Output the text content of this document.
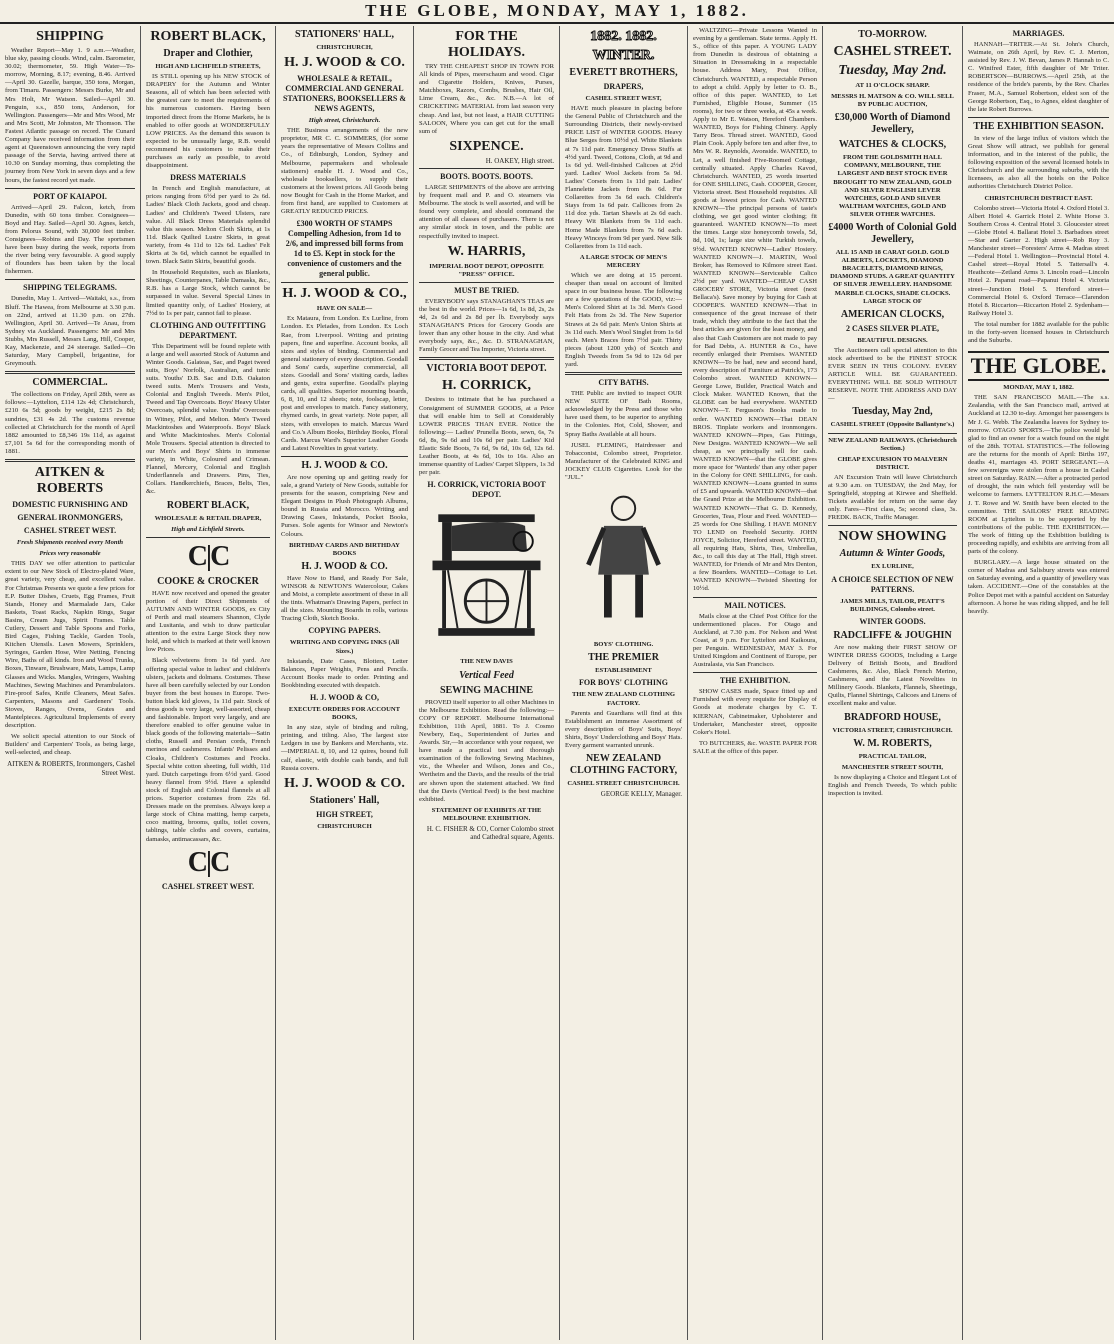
THE GLOBE, MONDAY, MAY 1, 1882.
SHIPPING
Weather Report—May 1. 9 a.m.—Weather, blue sky, passing clouds. Wind, calm. Barometer, 30.02; thermometer, 59. High Water—To-morrow, Morning, 8.17; evening, 8.46. Arrived—April 30. Gazelle, barque, 350 tons, Morgan, from Timaru. Passengers: Messrs Burke, Mr and Mrs Holt, Mr Watson. Sailed—April 30. Penguin, s.s., 850 tons, Anderson, for Wellington. Passengers—Mr and Mrs Wood, Mr and Mrs Scott, Mr Johnston, Mr Thomson. The Fastest Atlantic passage on record. The Cunard Company have received information from their agent at Queenstown announcing the very rapid passage of the Servia, having arrived there at 10.30 on Sunday morning, thus completing the journey from New York in seven days and a few hours, the fastest record yet made.
PORT OF KAIAPOI.
Arrived—April 29. Falcon, ketch, from Dunedin, with 60 tons timber. Consignees—Boyd and Hay. Sailed—April 30. Agnes, ketch, from Pelorus Sound, with 30,000 feet timber. Consignees—Robins and Day. The sportsmen have been busy during the week, reports from the river being very favourable. A good supply of flounders has been taken by the local fishermen.
SHIPPING TELEGRAMS.
Dunedin, May 1. Arrived—Waitaki, s.s., from Bluff. The Hawea, from Melbourne at 3.30 p.m. on 22nd, arrived at 11.30 p.m. on 27th. Wellington, April 30. Arrived—Te Anau, from Sydney via Auckland. Passengers: Mr and Mrs Stubbs, Mrs Russell, Messrs Lang, Hill, Cooper, Kay, Mackenzie, and 24 steerage. Sailed—On Saturday, Mary Campbell, brigantine, for Greymouth.
COMMERCIAL.
The collections on Friday, April 28th, were as follows:—Lyttelton, £114 12s 4d; Christchurch, £210 6s 5d; goods by weight, £215 2s 8d; sundries, £31 4s 2d. The customs revenue collected at Christchurch for the month of April 1882 amounted to £8,346 19s 11d, as against £7,101 5s 6d for the corresponding month of 1881.
AITKEN & ROBERTS
DOMESTIC FURNISHING AND
GENERAL IRONMONGERS,
CASHEL STREET WEST.
Fresh Shipments received every Month
Prices very reasonable
THIS DAY we offer attention to particular extent to our New Stock of Electro-plated Ware, great variety, very cheap, and excellent value. For Christmas Presents we quote a few prices for E.P. Butter Dishes, Cruets, Egg Frames, Fruit Stands, Honey and Marmalade Jars, Cake Baskets, Toast Racks, Napkin Rings, Sugar Basins, Cream Jugs, Spirit Frames. Table Cutlery, Dessert and Table Spoons and Forks, Bird Cages, Fishing Tackle, Garden Tools, Kitchen Utensils. Lawn Mowers, Sprinklers, Syringes, Garden Hose, Wire Netting, Fencing Wire, Baths of all kinds. Iron and Wood Trunks, Boxes, Tinware, Brushware, Mats, Lamps, Lamp Glasses and Wicks. Mangles, Wringers, Washing Machines, Sewing Machines and Perambulators. Fire-proof Safes, Knife Cleaners, Meat Safes. Carpenters, Masons and Gardeners' Tools. Stoves, Ranges, Ovens, Grates and Mantelpieces. Agricultural Implements of every description.
We solicit special attention to our Stock of Builders' and Carpenters' Tools, as being large, well-selected, and cheap.
AITKEN & ROBERTS, Ironmongers, Cashel Street West.
ROBERT BLACK,
Draper and Clothier,
HIGH AND LICHFIELD STREETS,
IS STILL opening up his NEW STOCK of DRAPERY for the Autumn and Winter Seasons, all of which has been selected with the greatest care to meet the requirements of his numerous customers. Having been imported direct from the Home Markets, he is enabled to offer goods at WONDERFULLY LOW PRICES. As the demand this season is expected to be unusually large, R.B. would recommend his customers to make their purchases as early as possible, to avoid disappointment.
DRESS MATERIALS
In French and English manufacture, at prices ranging from 6½d per yard to 2s 6d. Ladies' Black Cloth Jackets, good and cheap. Ladies' and Children's Tweed Ulsters, rare value. All Black Dress Materials splendid value this season. Melton Cloth Skirts, at 1s 11d. Black Quilted Lustre Skirts, in great variety, from 4s 11d to 12s 6d. Ladies' Felt Skirts at 3s 6d, which cannot be equalled in town. Black Satin Skirts, beautiful goods.
In Household Requisites, such as Blankets, Sheetings, Counterpanes, Table Damasks, &c., R.B. has a Large Stock, which cannot be surpassed in value. Several Special Lines in limited quantity only, of Ladies' Hosiery, at 7½d to 1s per pair, cannot fail to please.
CLOTHING AND OUTFITTING DEPARTMENT.
This Department will be found replete with a large and well assorted Stock of Autumn and Winter Goods. Galateas, Sac, and Paget tweed suits, Boys' Norfolk, Australian, and tunic suits. Youths' D.B. Sac and D.B. Oakaton tweed suits. Men's Trousers and Vests, Colonial and English Tweeds. Men's Pilot, Tweed and Tap Overcoats. Boys' Heavy Ulster Overcoats, splendid value. Youths' Overcoats in Witney, Pilot, and Melton. Men's Tweed Mackintoshes and Waterproofs. Boys' Black and White Mackintoshes. Men's Colonial Mole Trousers. Special attention is directed to our Men's and Boys' Shirts in immense variety, in White, Coloured and Crimean. Flannel, Mercery, Colonial and English Underflannels and Drawers. Pins, Ties, Collars. Handkerchiefs, Braces, Belts, Ties, &c.
ROBERT BLACK,
WHOLESALE & RETAIL DRAPER,
High and Lichfield Streets.
C|C
COOKE & CROCKER
HAVE now received and opened the greater portion of their Direct Shipments of AUTUMN AND WINTER GOODS, ex City of Perth and mail steamers Shannon, Clyde and Lusitania, and wish to draw particular attention to the extra Large Stock they now hold, and which is marked at their well known low Prices.
Black velveteens from 1s 6d yard. Are offering special value in ladies' and children's ulsters, jackets and dolmans. Costumes. These have all been carefully selected by our London buyer from the best houses in Europe. Two-button black kid gloves, 1s 11d pair. Stock of dress goods is very large, well-assorted, cheap and fashionable. Import very largely, and are therefore enabled to offer genuine value in black goods of the following materials—Satin cloths, Russell and Persian cords, French merinos and cashmeres. Infants' Pelisses and Cloaks, Children's Costumes and Frocks. Special white cotton sheeting, full width, 11d yard. Dutch carpetings from 6½d yard. Good heavy flannel from 9½d. Have a splendid stock of English and Colonial flannels at all prices. Superior costumes from 22s 6d. Dresses made on the premises. Always keep a large stock of China matting, hemp carpets, coco matting, brooms, quilts, toilet covers, tablings, table cloths and covers, curtains, damasks, antimacassars, &c.
C|C
CASHEL STREET WEST.
STATIONERS' HALL,
CHRISTCHURCH,
H. J. WOOD & CO.
WHOLESALE & RETAIL, COMMERCIAL AND GENERAL STATIONERS, BOOKSELLERS & NEWS AGENTS,
High street, Christchurch.
THE Business arrangements of the new proprietor, MR C. C. SOMMERS, (for some years the representative of Messrs Collins and Co., of Edinburgh, London, Sydney and Melbourne, papermakers and wholesale stationers) enable H. J. Wood and Co., wholesale booksellers, to supply their customers at the lowest prices. All Goods being now Bought for Cash in the Home Market, and from first hand, are supplied to Customers at GREATLY REDUCED PRICES.
£300 WORTH OF STAMPS Compelling Adhesion, from 1d to 2/6, and impressed bill forms from 1d to £5. Kept in stock for the convenience of customers and the general public.
H. J. WOOD & CO.,
HAVE ON SALE—
Ex Mataura, from London. Ex Lurline, from London. Ex Pleiades, from London. Ex Loch Rae, from Liverpool. Writing and printing papers, fine and superfine. Account books, all sizes and styles of binding. Commercial and general stationery of every description. Goodall and Sons' cards, superfine commercial, all sizes. Goodall and Sons' visiting cards, ladies and gents, extra superfine. Goodall's playing cards, all qualities. Superior mourning boards, 6, 8, 10, and 12 sheets; note, foolscap, letter, post and envelopes to match. Fancy stationery, rhymed cards, in great variety. Note paper, all sizes, with envelopes to match. Marcus Ward and Co.'s Album Books, Birthday Books, Floral Cards. Marcus Ward's Superior Leather Goods and Latest Novelties in great variety.
H. J. WOOD & CO.
Are now opening up and getting ready for sale, a grand Variety of New Goods, suitable for presents for the season, comprising New and Elegant Designs in Plush Photograph Albums, bound in Russia and Morocco. Writing and Drawing Cases, Inkstands, Pocket Books, Purses. Sole agents for Winsor and Newton's Colours.
BIRTHDAY CARDS AND BIRTHDAY BOOKS
H. J. WOOD & CO.
Have Now to Hand, and Ready For Sale, WINSOR & NEWTON'S Watercolour, Cakes and Moist, a complete assortment of these in all the tints. Whatman's Drawing Papers, perfect in all the sizes. Mounting Boards in rolls, various Tracing Cloth, Sketch Books.
COPYING PAPERS.
WRITING AND COPYING INKS (All Sizes.)
Inkstands, Date Cases, Blotters, Letter Balances, Paper Weights, Pens and Pencils. Account Books made to order. Printing and Bookbinding executed with despatch.
H. J. WOOD & CO,
EXECUTE ORDERS FOR ACCOUNT BOOKS,
In any size, style of binding and ruling, printing, and titling. Also, The largest size Ledgers in use by Bankers and Merchants, viz.—IMPERIAL 8, 10, and 12 quires, bound full calf, elastic, with double cash bands, and full Russia covers.
H. J. WOOD & CO.
Stationers' Hall,
HIGH STREET,
CHRISTCHURCH
FOR THE HOLIDAYS.
TRY THE CHEAPEST SHOP IN TOWN FOR All kinds of Pipes, meerschaum and wood. Cigar and Cigarette Holders, Knives, Purses, Matchboxes, Razors, Combs, Brushes, Hair Oil, Lime Cream, &c., &c. N.B.—A lot of CRICKETING MATERIAL from last season very cheap. And last, but not least, a HAIR CUTTING SALOON, Where you can get cut for the small sum of
SIXPENCE.
H. OAKEY, High street.
BOOTS. BOOTS. BOOTS.
LARGE SHIPMENTS of the above are arriving by frequent mail and P. and O. steamers via Melbourne. The stock is well assorted, and will be found very complete, and should command the attention of all classes of purchasers. There is not any similar stock in town, and the public are respectfully invited to inspect.
W. HARRIS,
IMPERIAL BOOT DEPOT, OPPOSITE "PRESS" OFFICE.
MUST BE TRIED.
EVERYBODY says STANAGHAN'S TEAS are the best in the world. Prices—1s 6d, 1s 8d, 2s, 2s 4d, 2s 6d and 2s 8d per lb. Everybody says STANAGHAN'S Prices for Grocery Goods are lower than any other house in the city. And what everybody says, &c., &c. D. STRANAGHAN, Family Grocer and Tea Importer, Victoria street.
VICTORIA BOOT DEPOT.
H. CORRICK,
Desires to intimate that he has purchased a Consignment of SUMMER GOODS, at a Price that will enable him to Sell at Considerably LOWER PRICES THAN EVER. Notice the following:— Ladies' Prunella Boots, sewn, 6s, 7s 6d, 8s, 9s 6d and 10s 6d per pair. Ladies' Kid Elastic Side Boots, 7s 6d, 9s 6d, 10s 6d, 12s 6d. Leather Boots, at 4s 6d, 10s to 16s. Also an immense quantity of Ladies' Carpet Slippers, 1s 3d per pair.
H. CORRICK, VICTORIA BOOT DEPOT.
THE NEW DAVIS
Vertical Feed
SEWING MACHINE
PROVED itself superior to all other Machines in the Melbourne Exhibition. Read the following:— COPY OF REPORT. Melbourne International Exhibition, 11th April, 1881. To J. Cosmo Newbery, Esq., Superintendent of Juries and Awards. Sir,—In accordance with your request, we have made a practical test and thorough examination of the following Sewing Machines, viz., the Wheeler and Wilson, Jones and Co., Wertheim and the Davis, and the results of the trial are shown upon the statement attached. We find that the Davis (Vertical Feed) is the best machine exhibited.
STATEMENT OF EXHIBITS AT THE MELBOURNE EXHIBITION.
H. C. FISHER & CO, Corner Colombo street and Cathedral square, Agents.
1882. 1882.
WINTER.
EVERETT BROTHERS,
DRAPERS,
CASHEL STREET WEST,
HAVE much pleasure in placing before the General Public of Christchurch and the Surrounding Districts, their newly-revised PRICE LIST of WINTER GOODS. Heavy Blue Serges from 10½d yd. White Blankets at 7s 11d pair. Emergency Dress Stuffs at 4½d yard. Tweed, Cottons, Cloth, at 9d and 1s 6d yd. Well-finished Calicoes at 2½d yard. Ladies' Wool Jackets from 5s 9d. Ladies' Corsets from 1s 11d pair. Ladies' Flannelette Jackets from 8s 6d. Fur Collarettes from 3s 6d each. Children's Stays from 1s 6d pair. Callicoes from 2s 11d doz yds. Tartan Shawls at 2s 6d each. Heavy Wit Blankets from 9s 11d each. Home Made Blankets from 7s 6d each. Heavy Winceys from 9d per yard. New Silk Collarettes from 1s 11d each.
A LARGE STOCK OF MEN'S MERCERY
Which we are doing at 15 percent. cheaper than usual on account of limited space in our business house. The following are a few quotations of the GOOD, viz:— Men's Colored Shirt at 1s 3d. Men's Good Felt Hats from 2s 3d. The New Superior Straws at 2s 6d pair. Men's Union Shirts at 3s 11d each. Men's Wool Singlet from 1s 6d each. Men's Braces from 7½d pair. Thirty pieces (about 1200 yds) of Scotch and English Tweeds from 5s 9d to 12s 6d per yard.
CITY BATHS.
THE Public are invited to inspect OUR NEW SUITE OF Bath Rooms, acknowledged by the Press and those who have used them, to be superior to anything in the Colonies. Hot, Cold, Shower, and Spray Baths Available at all hours.
JUSEL FLEMING, Hairdresser and Tobacconist, Colombo street, Proprietor. Manufacturer of the Celebrated KING and JOCKEY CLUB Cigarettes. Look for the "JUL."
BOYS' CLOTHING.
THE PREMIER
ESTABLISHMENT
FOR BOYS' CLOTHING
THE NEW ZEALAND CLOTHING FACTORY.
Parents and Guardians will find at this Establishment an immense Assortment of every description of Boys' Suits, Boys' Shirts, Boys' Underclothing and Boys' Hats. Every garment warranted unrunk.
NEW ZEALAND CLOTHING FACTORY,
CASHEL STREET CHRISTCHURCH.
GEORGE KELLY, Manager.
WALTZING—Private Lessons Wanted in evening by a gentleman. State terms. Apply H. S., office of this paper. A YOUNG LADY from Dunedin is desirous of obtaining a Situation in Dressmaking in a respectable house. Address Mary, Post Office, Christchurch. WANTED, a respectable Person to adopt a child. Apply by letter to O. B., office of this paper. WANTED, to Let Furnished, Eligible House, Summer (15 rooms), for two or three weeks, at 45s a week. Apply to Mr E. Watson, Hereford Chambers. WANTED, Boys for Fishing Chinery. Apply Tarry Bros. Thread street. WANTED, Good Plain Cook. Apply before ten and after five, to Mrs W. R. Reynolds, Avonside. WANTED, to Let, a well finished Five-Roomed Cottage, centrally situated. Apply Charles Kavod, Christchurch. WANTED, 25 words inserted for ONE SHILLING, Cash. COOPER, Grocer, Victoria street. Best Household requisites. All goods at lowest prices for Cash. WANTED KNOWN—The principal persons of taste's clothing, we get good winter clothing; fit guaranteed. WANTED KNOWN—To meet the times. Large size honeycomb towels, 5d, 8d, 10d, 1s; large size white Turkish towels, 9½d. WANTED KNOWN—Ladies' Hosiery. WANTED KNOWN—J. MARTIN, Wool Broker, has Removed to Kilmore street East. WANTED KNOWN—Serviceable Calico 2½d per yard. WANTED—CHEAP CASH GROCERY STORE, Victoria street (next Bellaca's). Save money by buying for Cash at COOPER'S. WANTED KNOWN—That in consequence of the great increase of their trade, which they attribute to the fact that the best articles are given for the least money, and also that Cash Customers are not made to pay for Bad Debts, A. HUNTER & Co., have recently enlarged their Premises. WANTED KNOWN—To be had, new and second hand, every description of Furniture at Patrick's, 173 Colombo street. WANTED KNOWN—George Lowe, Builder, Practical Watch and Clock Maker. WANTED Known, that the GLOBE can be had everywhere. WANTED KNOWN—T. Ferguson's Books made to order. WANTED KNOWN—That DEAN BROS. Tinplate workers and ironmongers. WANTED KNOWN—Pipes, Gas Fittings, New Designs. WANTED KNOWN—We sell cheap, as we principally sell for cash. WANTED KNOWN—that the GLOBE gives more space for 'Wanteds' than any other paper in the Colony for ONE SHILLING, for cash. WANTED KNOWN—Loans granted in sums of £5 and upwards. WANTED KNOWN—that the Grand Prize at the Melbourne Exhibition. WANTED KNOWN—That G. D. Kennedy, Groceries, Teas, Flour and Feed. WANTED—25 words for One Shilling. I HAVE MONEY TO LEND on Freehold Security. JOHN JOYCE, Solicitor, Hereford street. WANTED, all requiring Hats, Shirts, Ties, Umbrellas, &c., to call this day at The Hall, High street. WANTED, for Friends of Mr and Mrs Denton, a few Boarders. WANTED—Cottage to Let. WANTED KNOWN—Twisted Sheeting for 10½d.
MAIL NOTICES.
Mails close at the Chief Post Office for the undermentioned places. For Otago and Auckland, at 7.30 p.m. For Nelson and West Coast, at 9 p.m. For Lyttelton and Kaikoura, per Penguin. WEDNESDAY, MAY 3. For United Kingdom and Continent of Europe, per Australasia, via San Francisco.
THE EXHIBITION.
SHOW CASES made, Space fitted up and Furnished with every requisite for Display of Goods at moderate charges by C. T. KIERNAN, Cabinetmaker, Upholsterer and Undertaker, Manchester street, opposite Coker's Hotel.
TO BUTCHERS, &c. WASTE PAPER FOR SALE at the office of this paper.
TO-MORROW.
CASHEL STREET.
Tuesday, May 2nd.
AT 11 O'CLOCK SHARP.
MESSRS H. MATSON & CO. WILL SELL BY PUBLIC AUCTION,
£30,000 Worth of Diamond Jewellery,
WATCHES & CLOCKS,
FROM THE GOLDSMITH HALL COMPANY, MELBOURNE, THE LARGEST AND BEST STOCK EVER BROUGHT TO NEW ZEALAND, GOLD AND SILVER ENGLISH LEVER WATCHES, GOLD AND SILVER WALTHAM WATCHES, GOLD AND SILVER OTHER WATCHES.
£4000 Worth of Colonial Gold Jewellery,
ALL 15 AND 18 CARAT GOLD. GOLD ALBERTS, LOCKETS, DIAMOND BRACELETS, DIAMOND RINGS, DIAMOND STUDS. A GREAT QUANTITY OF SILVER JEWELLERY. HANDSOME MARBLE CLOCKS, SHADE CLOCKS. LARGE STOCK OF
AMERICAN CLOCKS,
2 CASES SILVER PLATE,
BEAUTIFUL DESIGNS.
The Auctioneers call special attention to this stock advertised to be the FINEST STOCK EVER SEEN IN THIS COLONY. EVERY ARTICLE WILL BE GUARANTEED. EVERYTHING WILL BE SOLD WITHOUT RESERVE. NOTE THE ADDRESS AND DAY—
Tuesday, May 2nd,
CASHEL STREET (Opposite Ballantyne's.)
NEW ZEALAND RAILWAYS. (Christchurch Section.)
CHEAP EXCURSION TO MALVERN DISTRICT.
AN Excursion Train will leave Christchurch at 9.30 a.m. on TUESDAY, the 2nd May, for Springfield, stopping at Kirwee and Sheffield. Tickets available for return on the same day only. Fares—First class, 5s; second class, 3s. FREDK. BACK, Traffic Manager.
NOW SHOWING
Autumn & Winter Goods,
EX LURLINE,
A CHOICE SELECTION OF NEW PATTERNS.
JAMES MILLS, TAILOR, PEATT'S BUILDINGS, Colombo street.
WINTER GOODS.
RADCLIFFE & JOUGHIN
Are now making their FIRST SHOW OF WINTER DRESS GOODS, Including a Large Delivery of British Boots, and Bradford Cashmeres, &c. Also, Black French Merino, Cashmeres, and the Latest Novelties in Millinery Goods. Blankets, Flannels, Sheetings, Quilts, Flannel Shirtings, Calicoes and Linens of excellent make and value.
BRADFORD HOUSE,
VICTORIA STREET, CHRISTCHURCH.
W. M. ROBERTS,
PRACTICAL TAILOR,
MANCHESTER STREET SOUTH,
Is now displaying a Choice and Elegant Lot of English and French Tweeds, To which public inspection is invited.
MARRIAGES.
HANNAH—TRITER.—At St. John's Church, Waimate, on 26th April, by Rev. C. J. Merton, assisted by Rev. J. W. Bevan, James P. Hannah to C. C. Winifred Ester, fifth daughter of Mr Triter. ROBERTSON—BURROWS.—April 25th, at the residence of the bride's parents, by the Rev. Charles Fraser, M.A., Samuel Robertson, eldest son of the George Robertson, Esq., to Agnes, eldest daughter of the late Robert Burrows.
THE EXHIBITION SEASON.
In view of the large influx of visitors which the Great Show will attract, we publish for general information, and in the interest of the public, the following exposition of the several licensed hotels in Christchurch and the surrounding suburbs, with the licensees, as also all the hotels on the Police authorities Christchurch District Police.
CHRISTCHURCH DISTRICT EAST.
Colombo street—Victoria Hotel 4. Oxford Hotel 3. Albert Hotel 4. Garrick Hotel 2. White Horse 3. Southern Cross 4. Central Hotel 3. Gloucester street—Globe Hotel 4. Ballarat Hotel 3. Barbadoes street—Star and Garter 2. High street—Rob Roy 3. Manchester street—Foresters' Arms 4. Madras street—Federal Hotel 1. Wellington—Provincial Hotel 4. Cashel street—Royal Hotel 5. Tattersall's 4. Heathcote—Zetland Arms 3. Lincoln road—Lincoln Hotel 2. Papanui road—Papanui Hotel 4. Victoria street—Junction Hotel 5. Hereford street—Commercial Hotel 6. Oxford Terrace—Clarendon Hotel 8. Riccarton—Riccarton Hotel 2. Sydenham—Railway Hotel 3.
The total number for 1882 available for the public in the forty-seven licensed houses in Christchurch and the Suburbs.
THE GLOBE.
MONDAY, MAY 1, 1882.
THE SAN FRANCISCO MAIL.—The s.s. Zealandia, with the San Francisco mail, arrived at Auckland at 12.30 to-day. Amongst her passengers is Mr J. G. Webb. The Zealandia leaves for Sydney to-morrow. OTAGO SPORTS.—The police would be glad to find an owner for a watch found on the night of the 28th. TOTAL STATISTICS.—The following are the returns for the month of April: Births 197, deaths 41, marriages 43. PORT SERGEANT.—A few sovereigns were stolen from a house in Cashel street on Saturday. RAIN.—After a protracted period of drought, the rain which fell yesterday will be welcome to farmers. LYTTELTON R.H.C.—Messrs J. T. Rowe and W. Smith have been elected to the committee. THE SAILORS' FREE READING ROOM at Lyttelton is to be supported by the contributions of the public. THE EXHIBITION.—The work of fitting up the Exhibition building is proceeding rapidly, and exhibits are arriving from all parts of the colony.
BURGLARY.—A large house situated on the corner of Madras and Salisbury streets was entered on Saturday evening, and a quantity of jewellery was taken. ACCIDENT.—One of the constables at the Police Depot met with a painful accident on Saturday afternoon. A horse he was riding slipped, and he fell heavily.
